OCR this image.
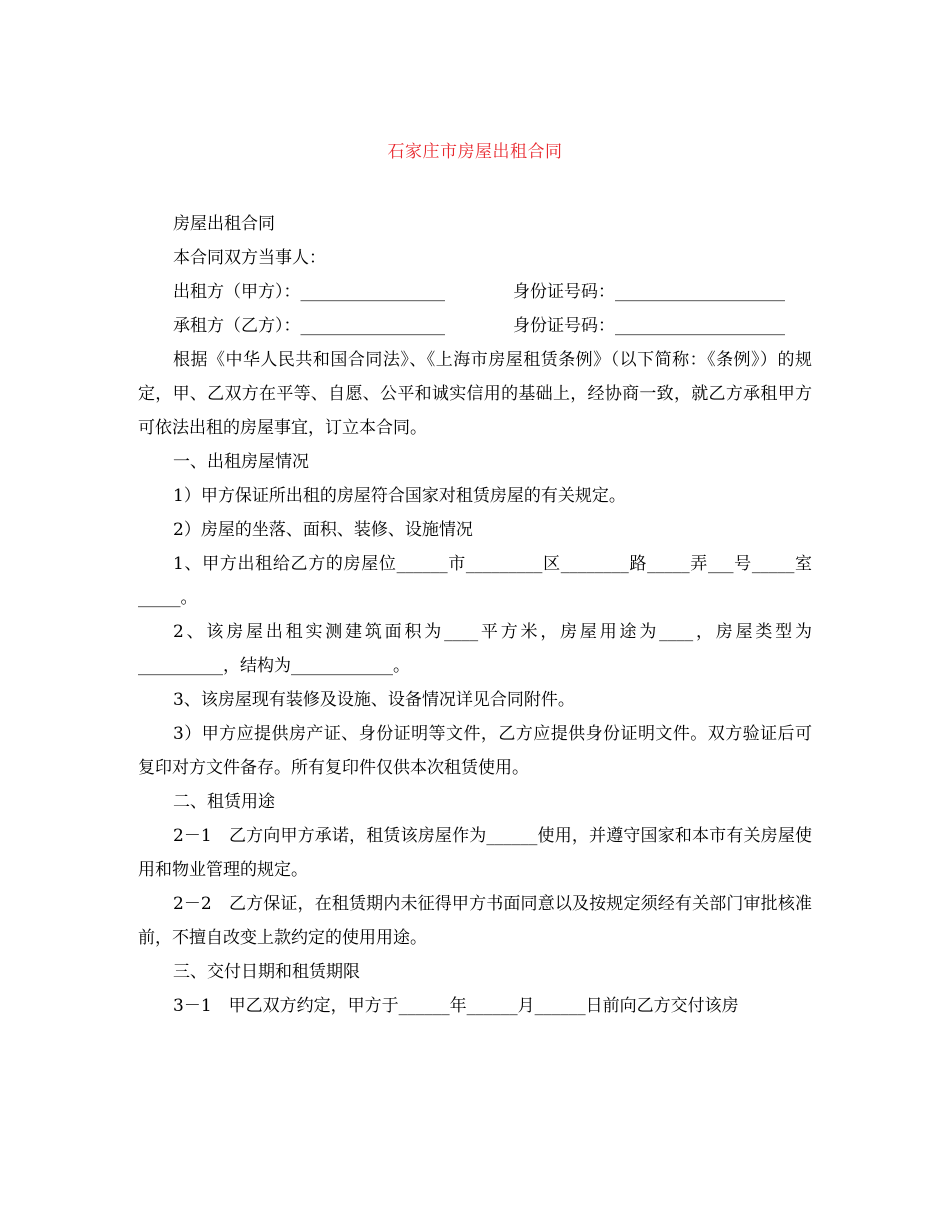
石家庄市房屋出租合同

房屋出租合同

本合同双方当事人：

出租方（甲方）：_________________	身份证号码：____________________
承租方（乙方）：_________________	身份证号码：____________________

根据《中华人民共和国合同法》、《上海市房屋租赁条例》（以下简称：《条例》）的规定，甲、乙双方在平等、自愿、公平和诚实信用的基础上，经协商一致，就乙方承租甲方可依法出租的房屋事宜，订立本合同。

一、出租房屋情况

1）甲方保证所出租的房屋符合国家对租赁房屋的有关规定。

2）房屋的坐落、面积、装修、设施情况

1、甲方出租给乙方的房屋位______市_________区________路_____弄___号_____室_____。

2、该房屋出租实测建筑面积为____平方米，房屋用途为____，房屋类型为__________，结构为____________。

3、该房屋现有装修及设施、设备情况详见合同附件。

3）甲方应提供房产证、身份证明等文件，乙方应提供身份证明文件。双方验证后可复印对方文件备存。所有复印件仅供本次租赁使用。

二、租赁用途

2－1　乙方向甲方承诺，租赁该房屋作为______使用，并遵守国家和本市有关房屋使用和物业管理的规定。

2－2　乙方保证，在租赁期内未征得甲方书面同意以及按规定须经有关部门审批核准前，不擅自改变上款约定的使用用途。

三、交付日期和租赁期限

3－1　甲乙双方约定，甲方于______年______月______日前向乙方交付该房
